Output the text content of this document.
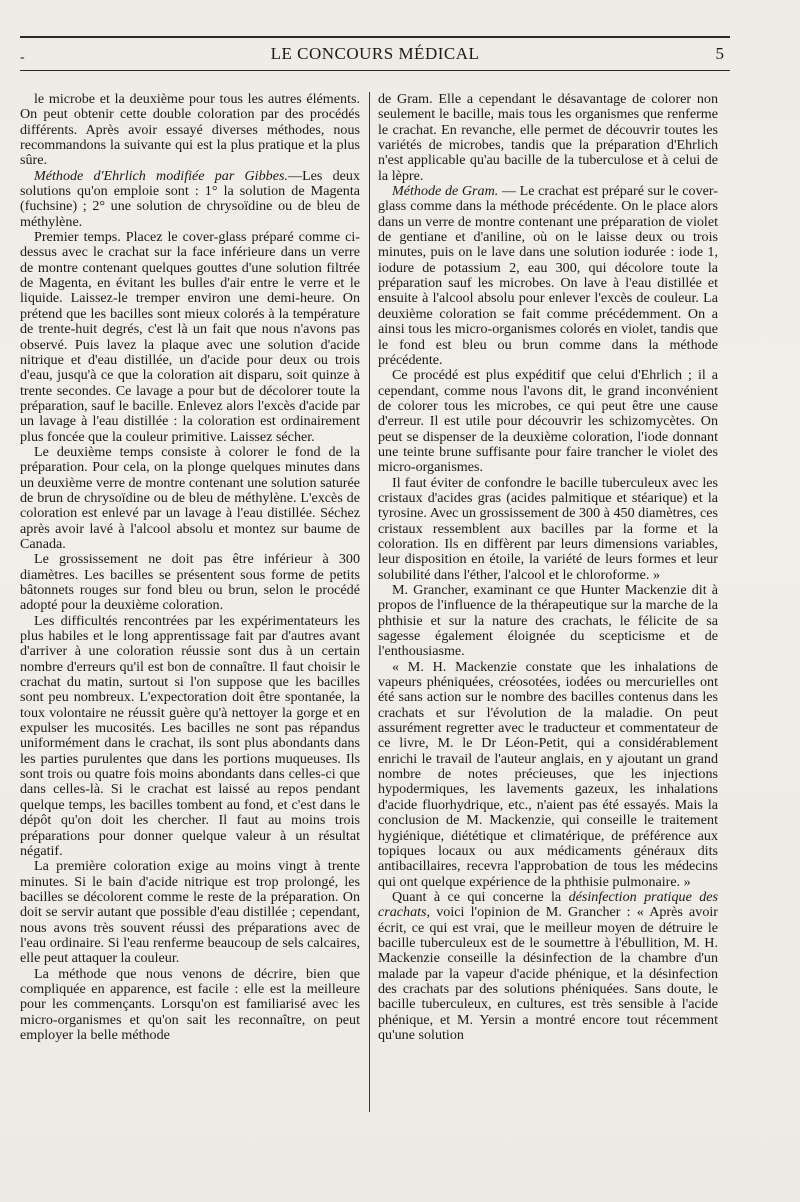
-	LE CONCOURS MÉDICAL	5

le microbe et la deuxième pour tous les autres éléments. On peut obtenir cette double coloration par des procédés différents. Après avoir essayé diverses méthodes, nous recommandons la suivante qui est la plus pratique et la plus sûre.

Méthode d'Ehrlich modifiée par Gibbes.—Les deux solutions qu'on emploie sont : 1° la solution de Magenta (fuchsine) ; 2° une solution de chrysoïdine ou de bleu de méthylène.

Premier temps. Placez le cover-glass préparé comme ci-dessus avec le crachat sur la face inférieure dans un verre de montre contenant quelques gouttes d'une solution filtrée de Magenta, en évitant les bulles d'air entre le verre et le liquide. Laissez-le tremper environ une demi-heure. On prétend que les bacilles sont mieux colorés à la température de trente-huit degrés, c'est là un fait que nous n'avons pas observé. Puis lavez la plaque avec une solution d'acide nitrique et d'eau distillée, un d'acide pour deux ou trois d'eau, jusqu'à ce que la coloration ait disparu, soit quinze à trente secondes. Ce lavage a pour but de décolorer toute la préparation, sauf le bacille. Enlevez alors l'excès d'acide par un lavage à l'eau distillée : la coloration est ordinairement plus foncée que la couleur primitive. Laissez sécher.

Le deuxième temps consiste à colorer le fond de la préparation. Pour cela, on la plonge quelques minutes dans un deuxième verre de montre contenant une solution saturée de brun de chrysoïdine ou de bleu de méthylène. L'excès de coloration est enlevé par un lavage à l'eau distillée. Séchez après avoir lavé à l'alcool absolu et montez sur baume de Canada.

Le grossissement ne doit pas être inférieur à 300 diamètres. Les bacilles se présentent sous forme de petits bâtonnets rouges sur fond bleu ou brun, selon le procédé adopté pour la deuxième coloration.

Les difficultés rencontrées par les expérimentateurs les plus habiles et le long apprentissage fait par d'autres avant d'arriver à une coloration réussie sont dus à un certain nombre d'erreurs qu'il est bon de connaître. Il faut choisir le crachat du matin, surtout si l'on suppose que les bacilles sont peu nombreux. L'expectoration doit être spontanée, la toux volontaire ne réussit guère qu'à nettoyer la gorge et en expulser les mucosités. Les bacilles ne sont pas répandus uniformément dans le crachat, ils sont plus abondants dans les parties purulentes que dans les portions muqueuses. Ils sont trois ou quatre fois moins abondants dans celles-ci que dans celles-là. Si le crachat est laissé au repos pendant quelque temps, les bacilles tombent au fond, et c'est dans le dépôt qu'on doit les chercher. Il faut au moins trois préparations pour donner quelque valeur à un résultat négatif.

La première coloration exige au moins vingt à trente minutes. Si le bain d'acide nitrique est trop prolongé, les bacilles se décolorent comme le reste de la préparation. On doit se servir autant que possible d'eau distillée ; cependant, nous avons très souvent réussi des préparations avec de l'eau ordinaire. Si l'eau renferme beaucoup de sels calcaires, elle peut attaquer la couleur.

La méthode que nous venons de décrire, bien que compliquée en apparence, est facile : elle est la meilleure pour les commençants. Lorsqu'on est familiarisé avec les micro-organismes et qu'on sait les reconnaître, on peut employer la belle méthode

de Gram. Elle a cependant le désavantage de colorer non seulement le bacille, mais tous les organismes que renferme le crachat. En revanche, elle permet de découvrir toutes les variétés de microbes, tandis que la préparation d'Ehrlich n'est applicable qu'au bacille de la tuberculose et à celui de la lèpre.

Méthode de Gram. — Le crachat est préparé sur le cover-glass comme dans la méthode précédente. On le place alors dans un verre de montre contenant une préparation de violet de gentiane et d'aniline, où on le laisse deux ou trois minutes, puis on le lave dans une solution iodurée : iode 1, iodure de potassium 2, eau 300, qui décolore toute la préparation sauf les microbes. On lave à l'eau distillée et ensuite à l'alcool absolu pour enlever l'excès de couleur. La deuxième coloration se fait comme précédemment. On a ainsi tous les micro-organismes colorés en violet, tandis que le fond est bleu ou brun comme dans la méthode précédente.

Ce procédé est plus expéditif que celui d'Ehrlich ; il a cependant, comme nous l'avons dit, le grand inconvénient de colorer tous les microbes, ce qui peut être une cause d'erreur. Il est utile pour découvrir les schizomycètes. On peut se dispenser de la deuxième coloration, l'iode donnant une teinte brune suffisante pour faire trancher le violet des micro-organismes.

Il faut éviter de confondre le bacille tuberculeux avec les cristaux d'acides gras (acides palmitique et stéarique) et la tyrosine. Avec un grossissement de 300 à 450 diamètres, ces cristaux ressemblent aux bacilles par la forme et la coloration. Ils en diffèrent par leurs dimensions variables, leur disposition en étoile, la variété de leurs formes et leur solubilité dans l'éther, l'alcool et le chloroforme. »

M. Grancher, examinant ce que Hunter Mackenzie dit à propos de l'influence de la thérapeutique sur la marche de la phthisie et sur la nature des crachats, le félicite de sa sagesse également éloignée du scepticisme et de l'enthousiasme.

« M. H. Mackenzie constate que les inhalations de vapeurs phéniquées, créosotées, iodées ou mercurielles ont été sans action sur le nombre des bacilles contenus dans les crachats et sur l'évolution de la maladie. On peut assurément regretter avec le traducteur et commentateur de ce livre, M. le Dr Léon-Petit, qui a considérablement enrichi le travail de l'auteur anglais, en y ajoutant un grand nombre de notes précieuses, que les injections hypodermiques, les lavements gazeux, les inhalations d'acide fluorhydrique, etc., n'aient pas été essayés. Mais la conclusion de M. Mackenzie, qui conseille le traitement hygiénique, diététique et climatérique, de préférence aux topiques locaux ou aux médicaments généraux dits antibacillaires, recevra l'approbation de tous les médecins qui ont quelque expérience de la phthisie pulmonaire. »

Quant à ce qui concerne la désinfection pratique des crachats, voici l'opinion de M. Grancher : « Après avoir écrit, ce qui est vrai, que le meilleur moyen de détruire le bacille tuberculeux est de le soumettre à l'ébullition, M. H. Mackenzie conseille la désinfection de la chambre d'un malade par la vapeur d'acide phénique, et la désinfection des crachats par des solutions phéniquées. Sans doute, le bacille tuberculeux, en cultures, est très sensible à l'acide phénique, et M. Yersin a montré encore tout récemment qu'une solution
